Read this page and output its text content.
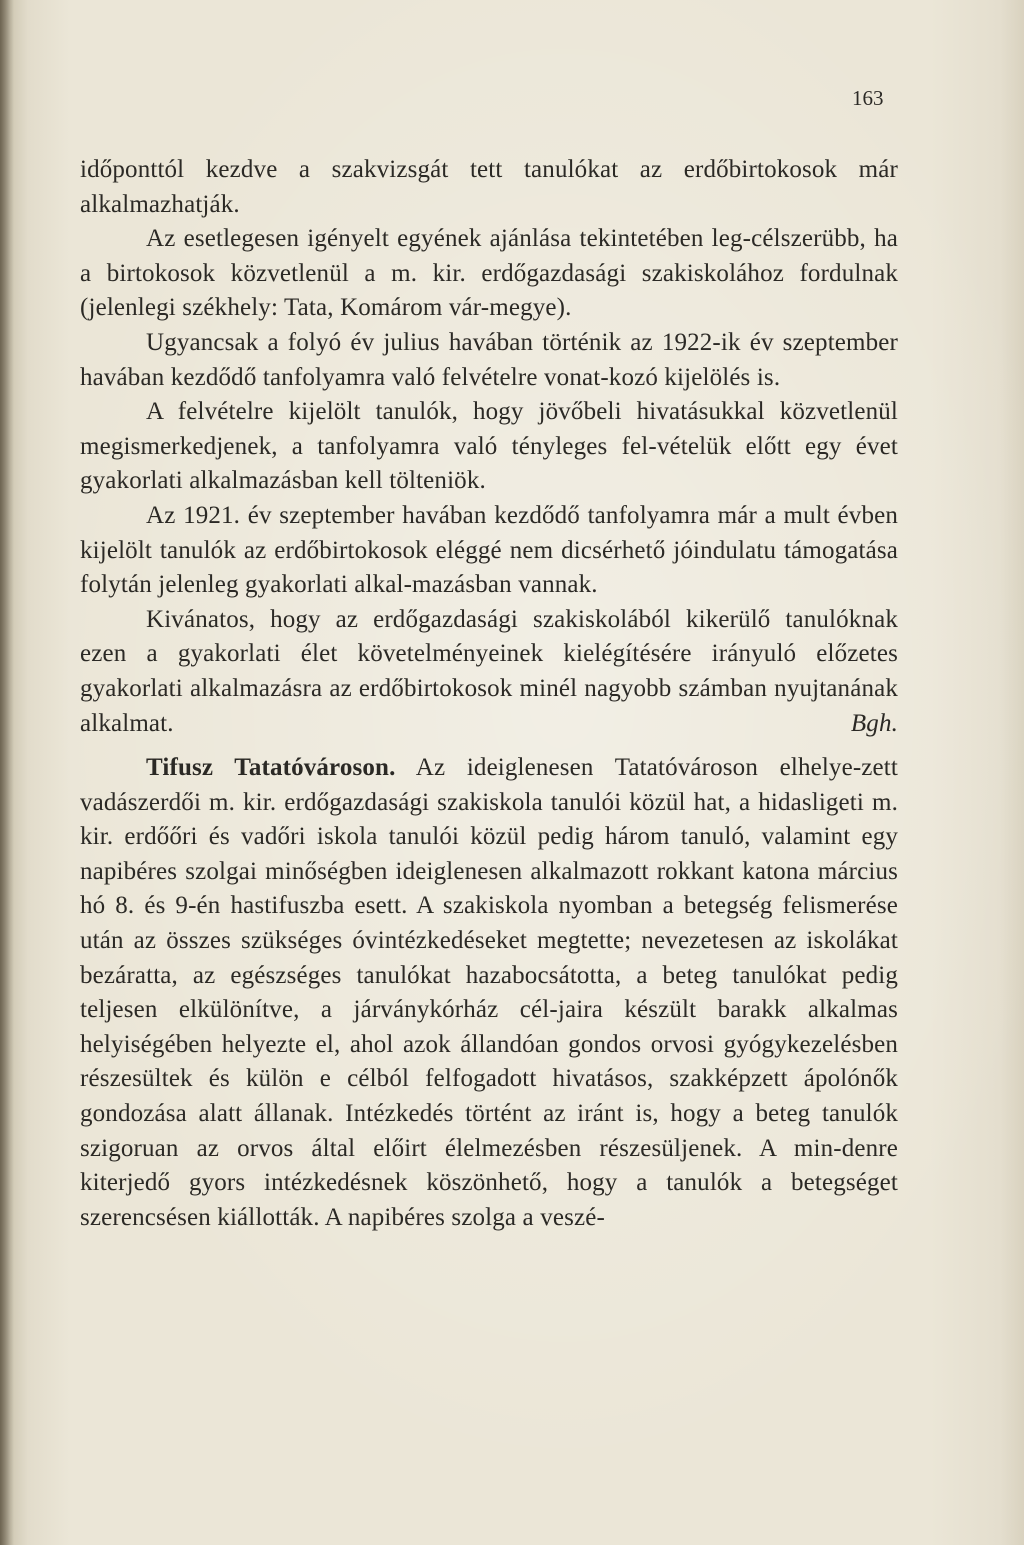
163

időponttól kezdve a szakvizsgát tett tanulókat az erdőbirtokosok már alkalmazhatják.

Az esetlegesen igényelt egyének ajánlása tekintetében leg-célszerübb, ha a birtokosok közvetlenül a m. kir. erdőgazdasági szakiskolához fordulnak (jelenlegi székhely: Tata, Komárom vár-megye).

Ugyancsak a folyó év julius havában történik az 1922-ik év szeptember havában kezdődő tanfolyamra való felvételre vonat-kozó kijelölés is.

A felvételre kijelölt tanulók, hogy jövőbeli hivatásukkal közvetlenül megismerkedjenek, a tanfolyamra való tényleges fel-vételük előtt egy évet gyakorlati alkalmazásban kell tölteniök.

Az 1921. év szeptember havában kezdődő tanfolyamra már a mult évben kijelölt tanulók az erdőbirtokosok eléggé nem dicsérhető jóindulatu támogatása folytán jelenleg gyakorlati alkal-mazásban vannak.

Kivánatos, hogy az erdőgazdasági szakiskolából kikerülő tanulóknak ezen a gyakorlati élet követelményeinek kielégítésére irányuló előzetes gyakorlati alkalmazásra az erdőbirtokosok minél nagyobb számban nyujtanának alkalmat.	Bgh.

Tifusz Tatatóvároson. Az ideiglenesen Tatatóvároson elhelye-zett vadászerdői m. kir. erdőgazdasági szakiskola tanulói közül hat, a hidasligeti m. kir. erdőőri és vadőri iskola tanulói közül pedig három tanuló, valamint egy napibéres szolgai minőségben ideiglenesen alkalmazott rokkant katona március hó 8. és 9-én hastifuszba esett. A szakiskola nyomban a betegség felismerése után az összes szükséges óvintézkedéseket megtette; nevezetesen az iskolákat bezáratta, az egészséges tanulókat hazabocsátotta, a beteg tanulókat pedig teljesen elkülönítve, a járványkórház cél-jaira készült barakk alkalmas helyiségében helyezte el, ahol azok állandóan gondos orvosi gyógykezelésben részesültek és külön e célból felfogadott hivatásos, szakképzett ápolónők gondozása alatt állanak. Intézkedés történt az iránt is, hogy a beteg tanulók szigoruan az orvos által előirt élelmezésben részesüljenek. A min-denre kiterjedő gyors intézkedésnek köszönhető, hogy a tanulók a betegséget szerencsésen kiállották. A napibéres szolga a veszé-
